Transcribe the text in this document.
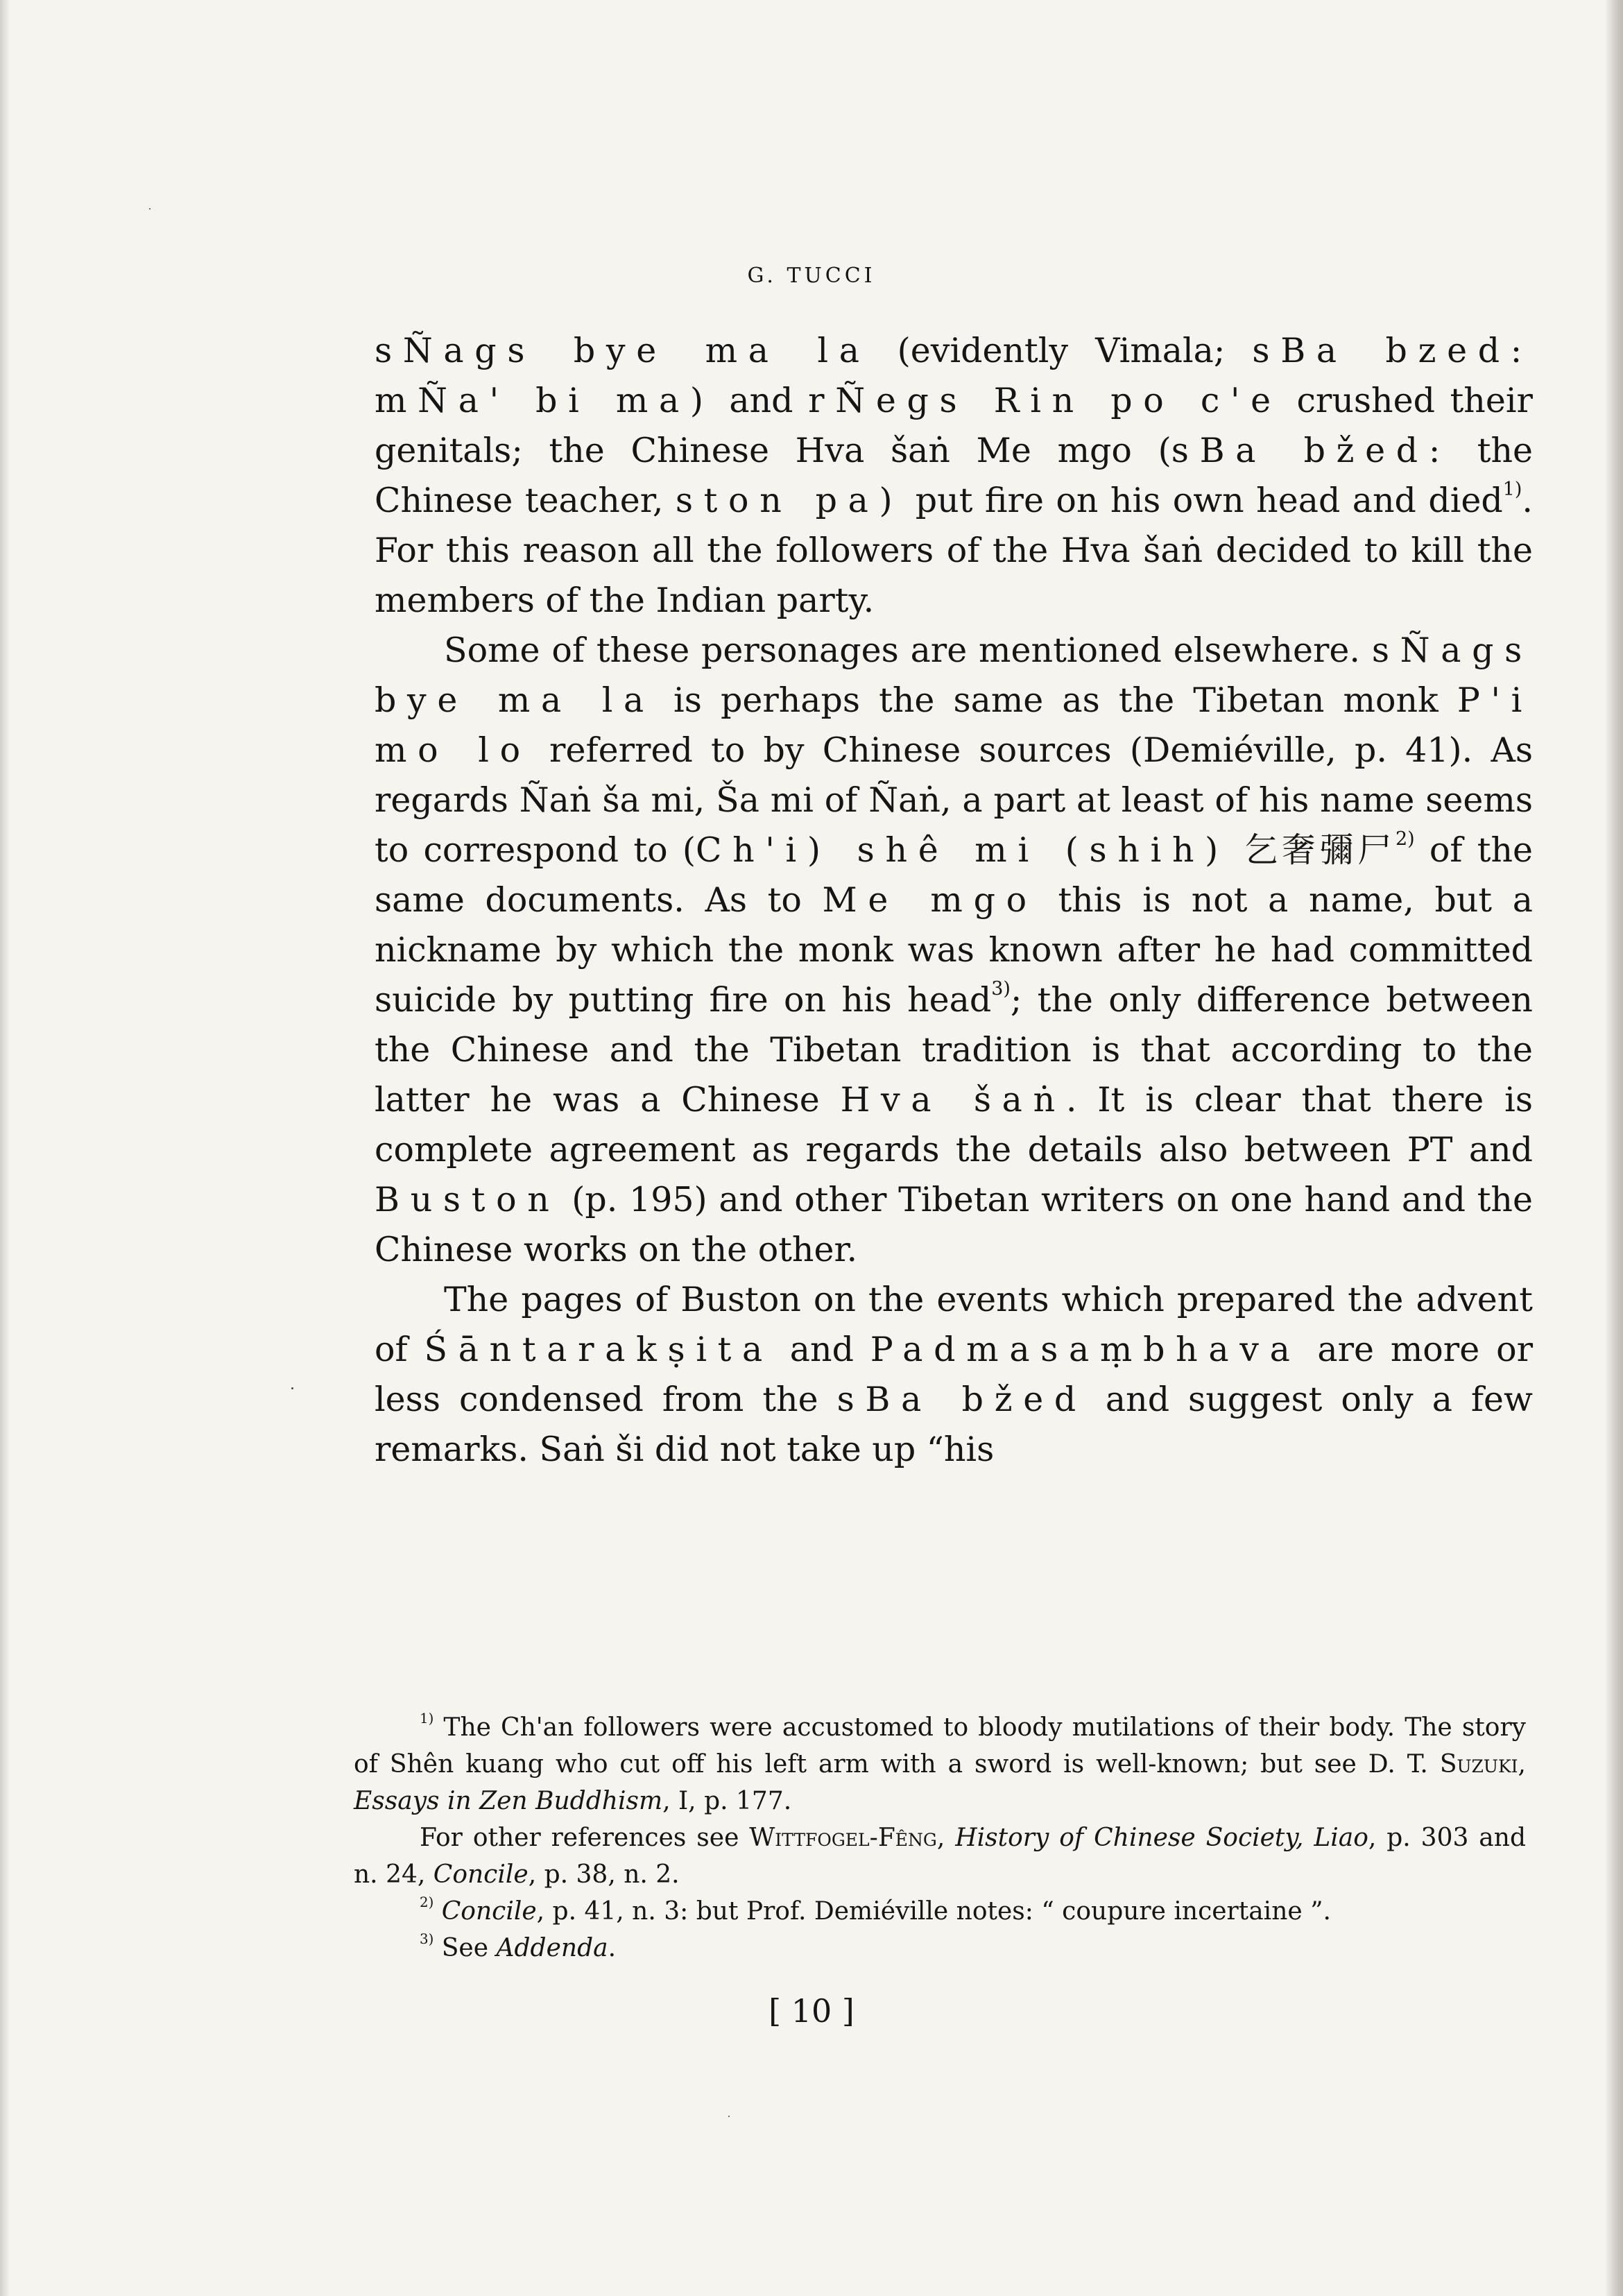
G. TUCCI

sÑags bye ma la (evidently Vimala; sBa bzed: mÑa' bi ma) and rÑegs Rin po c'e crushed their genitals; the Chinese Hva šaṅ Me mgo (sBa bžed: the Chinese teacher, ston pa) put fire on his own head and died$^{1)}$. For this reason all the followers of the Hva šaṅ decided to kill the members of the Indian party.

Some of these personages are mentioned elsewhere. sÑags bye ma la is perhaps the same as the Tibetan monk P'i mo lo referred to by Chinese sources (Demiéville, p. 41). As regards Ñaṅ ša mi, Ša mi of Ñaṅ, a part at least of his name seems to correspond to (Ch'i) shê mi (shih) 乞奢彌尸$^{2)}$ of the same documents. As to Me mgo this is not a name, but a nickname by which the monk was known after he had committed suicide by putting fire on his head$^{3)}$; the only difference between the Chinese and the Tibetan tradition is that according to the latter he was a Chinese Hva šaṅ. It is clear that there is complete agreement as regards the details also between PT and Buston (p. 195) and other Tibetan writers on one hand and the Chinese works on the other.

The pages of Buston on the events which prepared the advent of Śāntarakṣita and Padmasaṃbhava are more or less condensed from the sBa bžed and suggest only a few remarks. Saṅ ši did not take up “his

$^{1)}$ The Ch'an followers were accustomed to bloody mutilations of their body. The story of Shên kuang who cut off his left arm with a sword is well-known; but see D. T. Suzuki, Essays in Zen Buddhism, I, p. 177.

For other references see Wittfogel-Fêng, History of Chinese Society, Liao, p. 303 and n. 24, Concile, p. 38, n. 2.

$^{2)}$ Concile, p. 41, n. 3: but Prof. Demiéville notes: “ coupure incertaine ”.

$^{3)}$ See Addenda.

[ 10 ]
